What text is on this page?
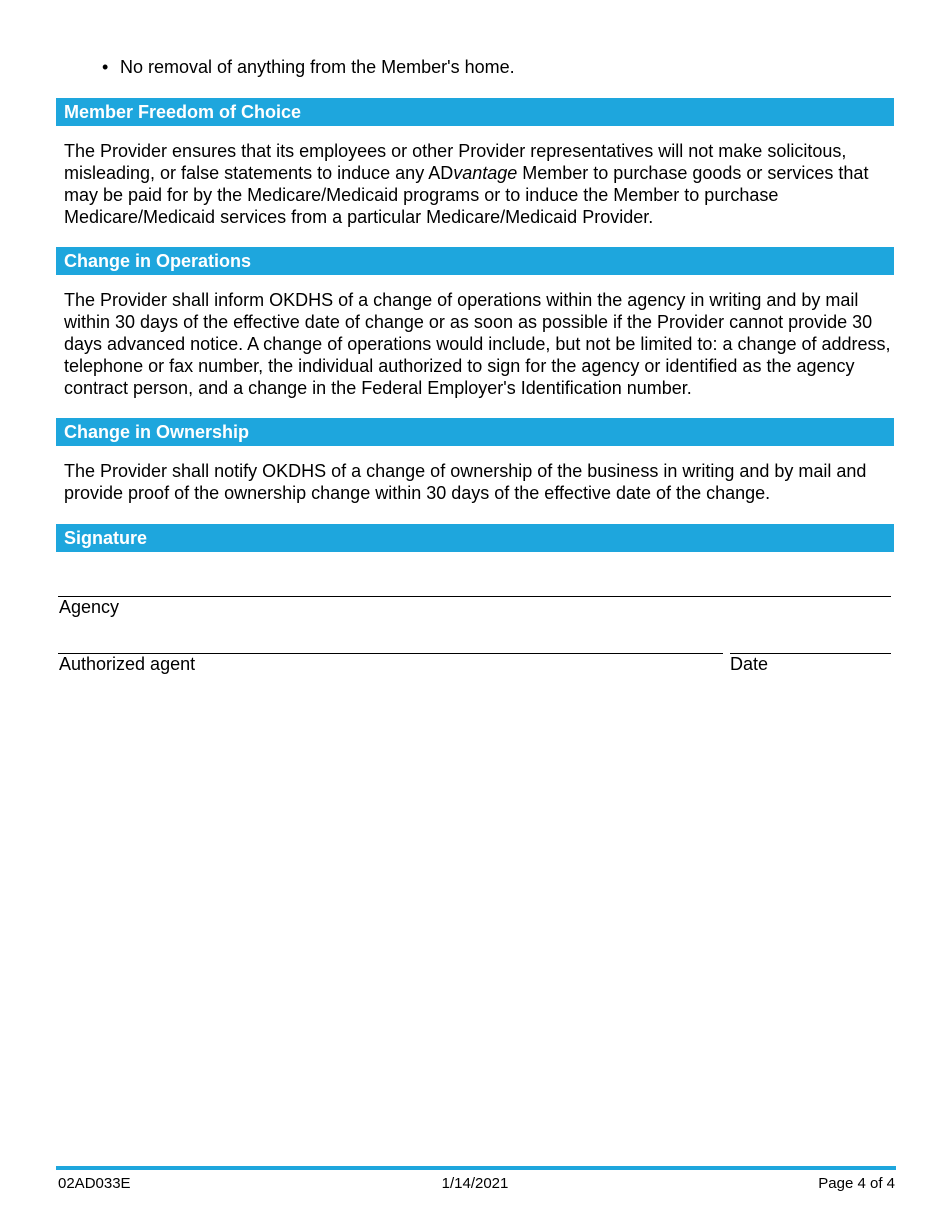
• No removal of anything from the Member's home.
Member Freedom of Choice
The Provider ensures that its employees or other Provider representatives will not make solicitous, misleading, or false statements to induce any ADvantage Member to purchase goods or services that may be paid for by the Medicare/Medicaid programs or to induce the Member to purchase Medicare/Medicaid services from a particular Medicare/Medicaid Provider.
Change in Operations
The Provider shall inform OKDHS of a change of operations within the agency in writing and by mail within 30 days of the effective date of change or as soon as possible if the Provider cannot provide 30 days advanced notice. A change of operations would include, but not be limited to: a change of address, telephone or fax number, the individual authorized to sign for the agency or identified as the agency contract person, and a change in the Federal Employer's Identification number.
Change in Ownership
The Provider shall notify OKDHS of a change of ownership of the business in writing and by mail and provide proof of the ownership change within 30 days of the effective date of the change.
Signature
Agency
Authorized agent	Date
02AD033E	1/14/2021	Page 4 of 4
